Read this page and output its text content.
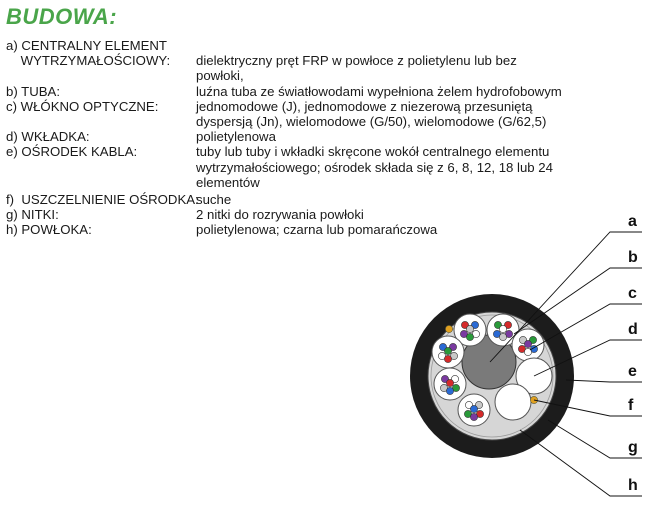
BUDOWA:
a) CENTRALNY ELEMENT
WYTRZYMAŁOŚCIOWY:	
dielektryczny pręt FRP w powłoce z polietylenu lub bez powłoki,
b) TUBA:	luźna tuba ze światłowodami wypełniona żelem hydrofobowym
c) WŁÓKNO OPTYCZNE:	jednomodowe (J), jednomodowe z niezerową przesuniętą dyspersją (Jn), wielomodowe (G/50), wielomodowe (G/62,5)
d) WKŁADKA:	polietylenowa
e) OŚRODEK KABLA:	tuby lub tuby i wkładki skręcone wokół centralnego elementu wytrzymałościowego; ośrodek składa się z 6, 8, 12, 18 lub 24 elementów
f)  USZCZELNIENIE OŚRODKA:
suche
g) NITKI:	2 nitki do rozrywania powłoki
h) POWŁOKA:	polietylenowa; czarna lub pomarańczowa	a
b
c
d
e
f
g
h
